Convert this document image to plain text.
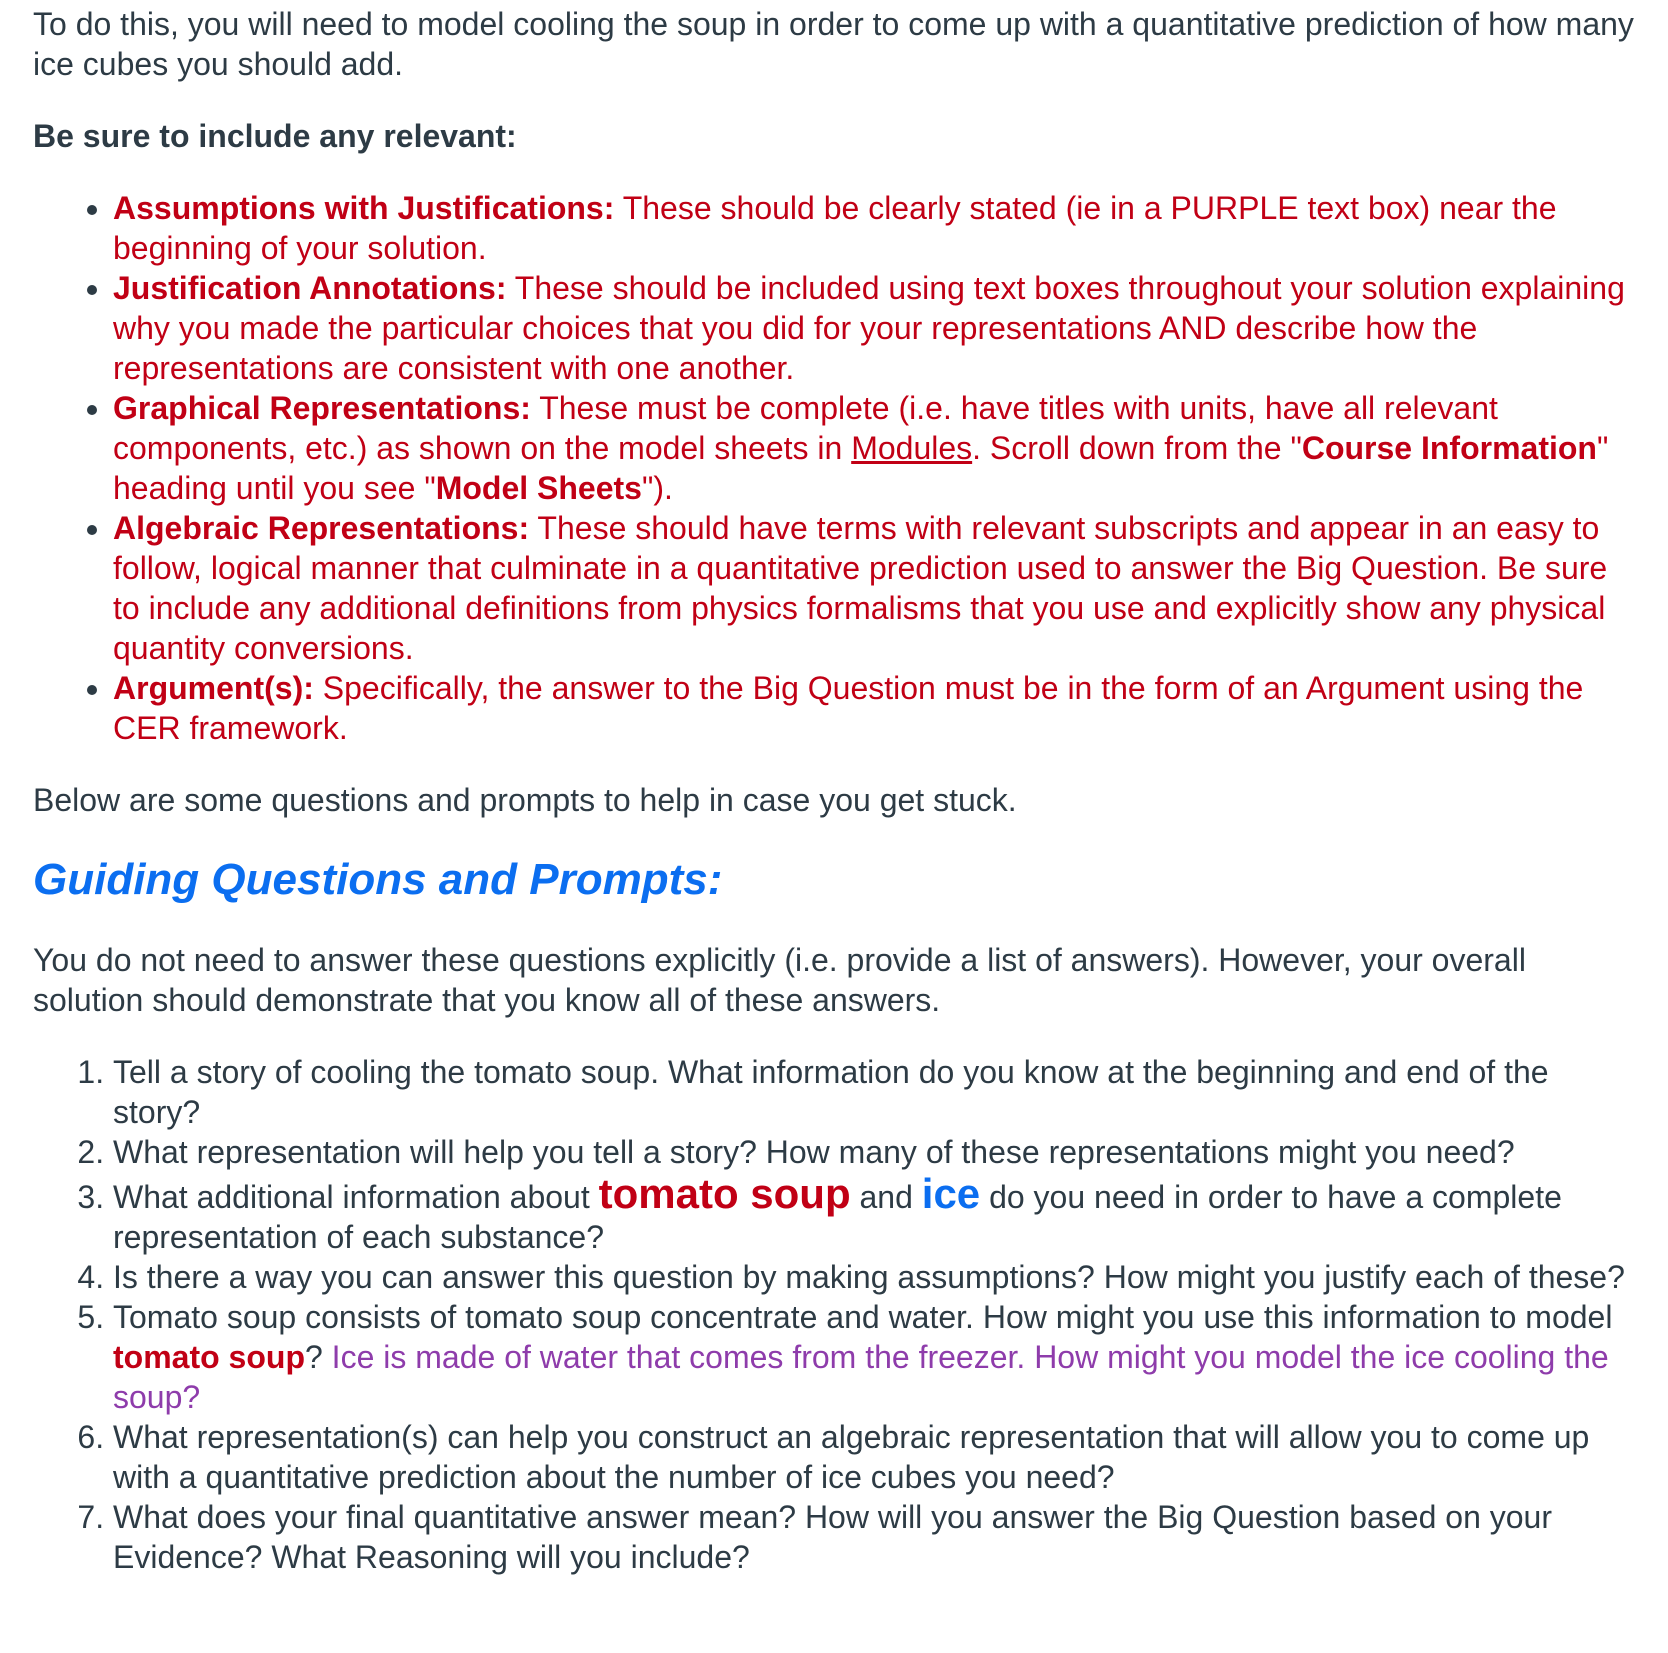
To do this, you will need to model cooling the soup in order to come up with a quantitative prediction of how many ice cubes you should add.

Be sure to include any relevant:

• Assumptions with Justifications: These should be clearly stated (ie in a PURPLE text box) near the beginning of your solution.
• Justification Annotations: These should be included using text boxes throughout your solution explaining why you made the particular choices that you did for your representations AND describe how the representations are consistent with one another.
• Graphical Representations: These must be complete (i.e. have titles with units, have all relevant components, etc.) as shown on the model sheets in Modules. Scroll down from the "Course Information" heading until you see "Model Sheets").
• Algebraic Representations: These should have terms with relevant subscripts and appear in an easy to follow, logical manner that culminate in a quantitative prediction used to answer the Big Question. Be sure to include any additional definitions from physics formalisms that you use and explicitly show any physical quantity conversions.
• Argument(s): Specifically, the answer to the Big Question must be in the form of an Argument using the CER framework.

Below are some questions and prompts to help in case you get stuck.

Guiding Questions and Prompts:

You do not need to answer these questions explicitly (i.e. provide a list of answers). However, your overall solution should demonstrate that you know all of these answers.

1. Tell a story of cooling the tomato soup. What information do you know at the beginning and end of the story?
2. What representation will help you tell a story? How many of these representations might you need?
3. What additional information about tomato soup and ice do you need in order to have a complete representation of each substance?
4. Is there a way you can answer this question by making assumptions? How might you justify each of these?
5. Tomato soup consists of tomato soup concentrate and water. How might you use this information to model tomato soup? Ice is made of water that comes from the freezer. How might you model the ice cooling the soup?
6. What representation(s) can help you construct an algebraic representation that will allow you to come up with a quantitative prediction about the number of ice cubes you need?
7. What does your final quantitative answer mean? How will you answer the Big Question based on your Evidence? What Reasoning will you include?
